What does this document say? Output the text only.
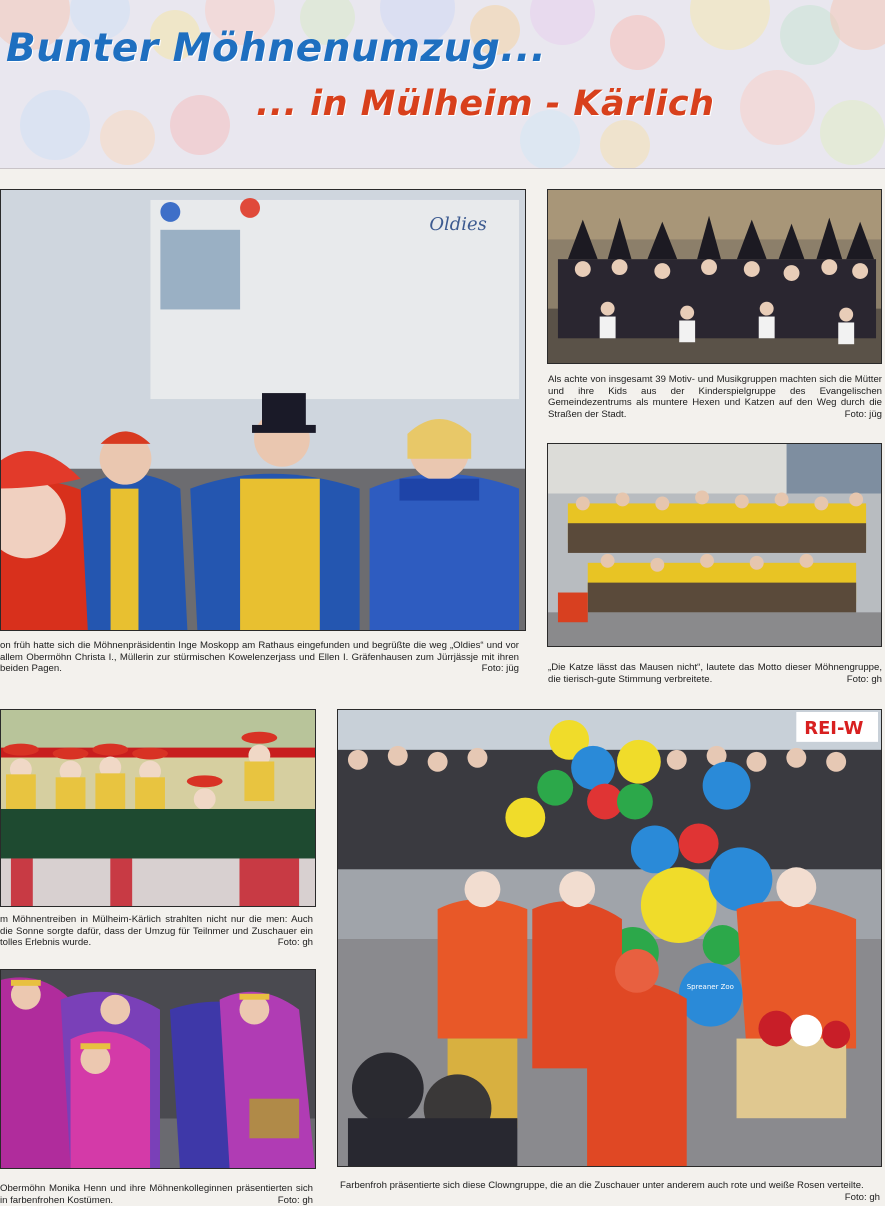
Bunter Möhnenumzug...
... in Mülheim - Kärlich
Oldies

on früh hatte sich die Möhnenpräsidentin Inge Moskopp am Rathaus eingefunden und begrüßte die weg „Oldies“ und vor allem Obermöhn Christa I., Müllerin zur stürmischen Kowelenzerjass und Ellen I. Gräfenhausen zum Jürrjässje mit ihren beiden Pagen.	Foto: jüg

Als achte von insgesamt 39 Motiv- und Musikgruppen machten sich die Mütter und ihre Kids aus der Kinderspielgruppe des Evangelischen Gemeindezentrums als muntere Hexen und Katzen auf den Weg durch die Straßen der Stadt.	Foto: jüg

„Die Katze lässt das Mausen nicht“, lautete das Motto dieser Möhnengruppe, die tierisch-gute Stimmung verbreitete.	Foto: gh

m Möhnentreiben in Mülheim-Kärlich strahlten nicht nur die men: Auch die Sonne sorgte dafür, dass der Umzug für Teilnmer und Zuschauer ein tolles Erlebnis wurde.	Foto: gh

Obermöhn Monika Henn und ihre Möhnenkolleginnen präsentierten sich in farbenfrohen Kostümen.	Foto: gh

REI-W
Spreaner Zoo

Farbenfroh präsentierte sich diese Clowngruppe, die an die Zuschauer unter anderem auch rote und weiße Rosen verteilte.
Foto: gh
